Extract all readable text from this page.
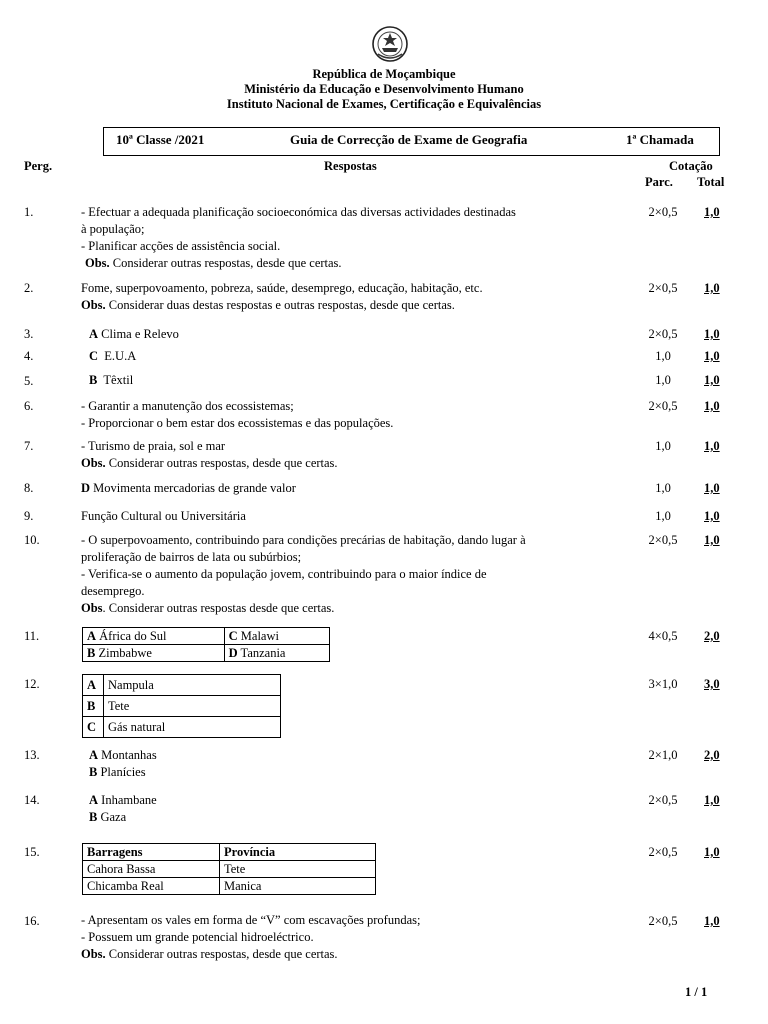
República de Moçambique
Ministério da Educação e Desenvolvimento Humano
Instituto Nacional de Exames, Certificação e Equivalências
10ª Classe /2021	Guia de Correcção de Exame de Geografia	1ª Chamada
Perg.	Respostas	Cotação
Parc. Total
1.	- Efectuar a adequada planificação socioeconómica das diversas actividades destinadas
à população;
- Planificar acções de assistência social.
Obs. Considerar outras respostas, desde que certas.
2×0,5	1,0
2.	Fome, superpovoamento, pobreza, saúde, desemprego, educação, habitação, etc.
Obs. Considerar duas destas respostas e outras respostas, desde que certas.
2×0,5	1,0
3.	A Clima e Relevo	2×0,5	1,0
4.	C  E.U.A	1,0	1,0
5.	B  Têxtil	1,0	1,0
6.	- Garantir a manutenção dos ecossistemas;
- Proporcionar o bem estar dos ecossistemas e das populações.
2×0,5	1,0
7.	- Turismo de praia, sol e mar
Obs. Considerar outras respostas, desde que certas.
1,0	1,0
8.	D Movimenta mercadorias de grande valor	1,0	1,0
9.	Função Cultural ou Universitária	1,0	1,0
10.	- O superpovoamento, contribuindo para condições precárias de habitação, dando lugar à
proliferação de bairros de lata ou subúrbios;
- Verifica-se o aumento da população jovem, contribuindo para o maior índice de
desemprego.
Obs. Considerar outras respostas desde que certas.
2×0,5	1,0
11.	A África do Sul	C Malawi
B Zimbabwe	D Tanzania
4×0,5	2,0
12.	A	Nampula
B	Tete
C	Gás natural
3×1,0	3,0
13.	A Montanhas
B Planícies
2×1,0	2,0
14.	A Inhambane
B Gaza
2×0,5	1,0
15.	Barragens	Província
Cahora Bassa	Tete
Chicamba Real	Manica
2×0,5	1,0
16.	- Apresentam os vales em forma de “V” com escavações profundas;
- Possuem um grande potencial hidroeléctrico.
Obs. Considerar outras respostas, desde que certas.
2×0,5	1,0
1 / 1
